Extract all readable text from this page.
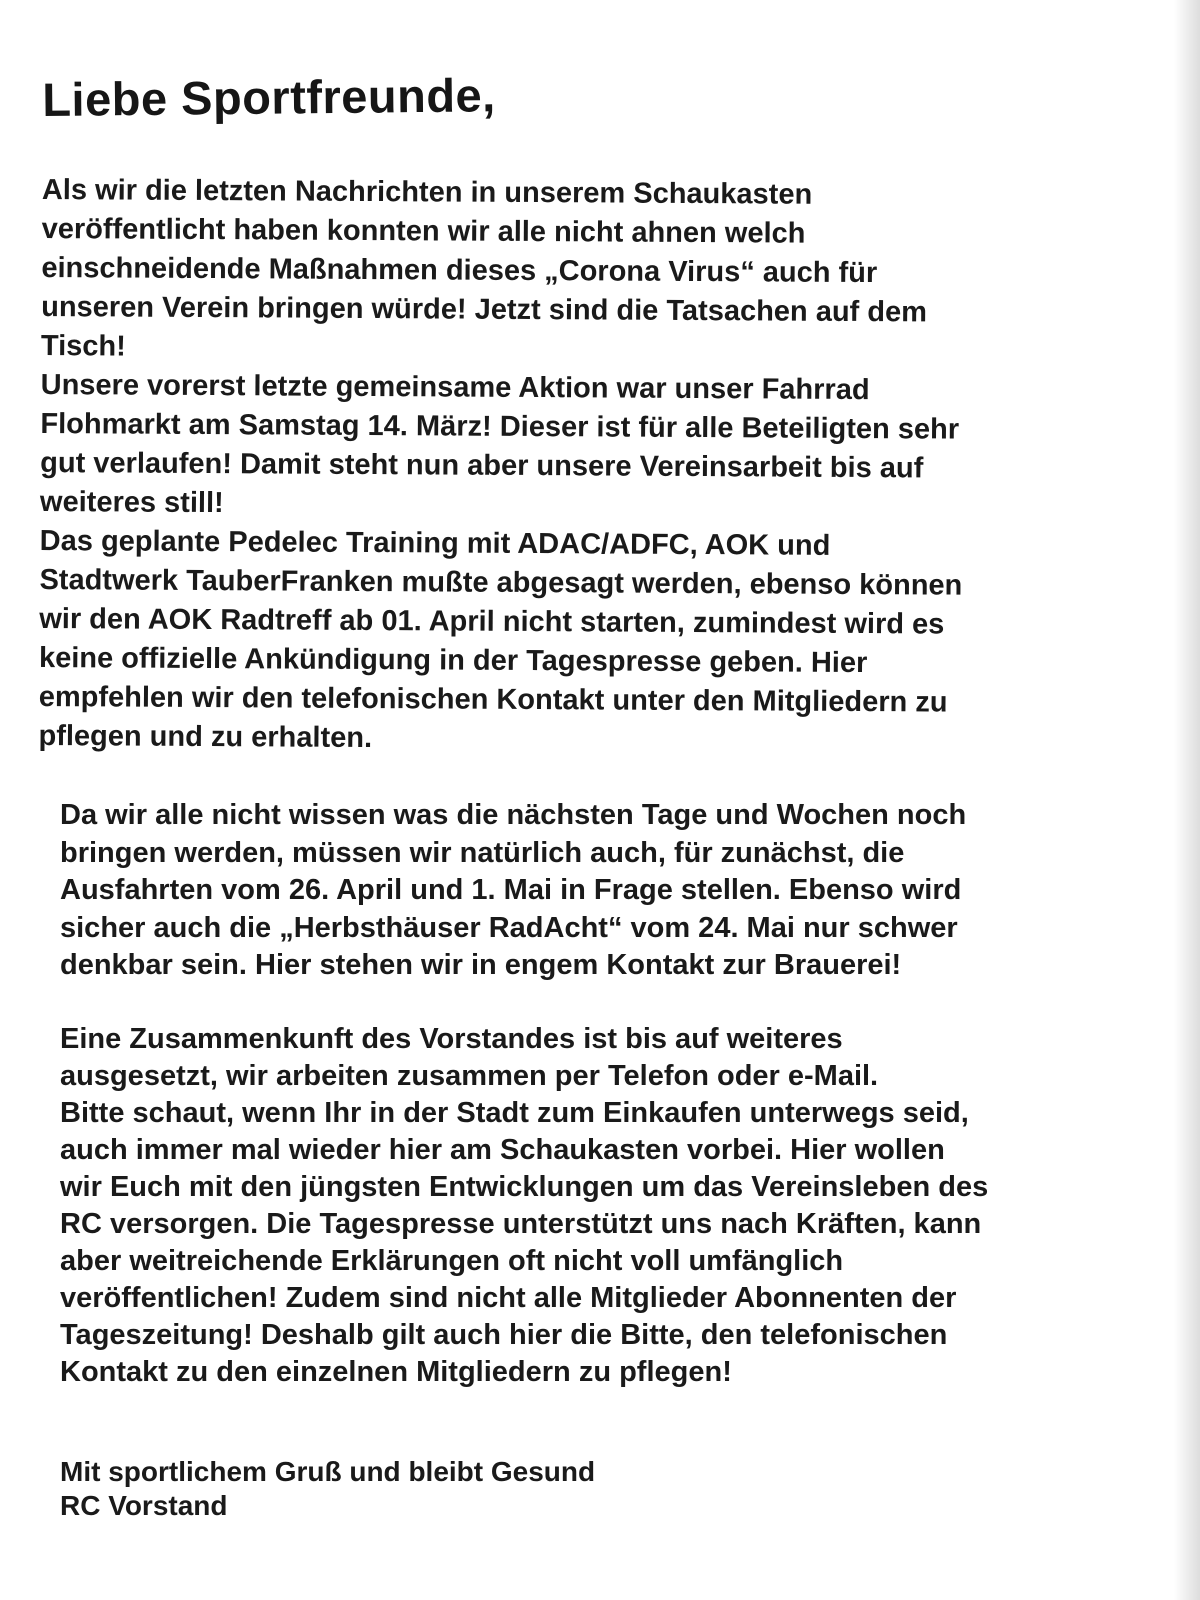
Liebe Sportfreunde,

Als wir die letzten Nachrichten in unserem Schaukasten
veröffentlicht haben konnten wir alle nicht ahnen welch
einschneidende Maßnahmen dieses „Corona Virus“ auch für
unseren Verein bringen würde! Jetzt sind die Tatsachen auf dem
Tisch!
Unsere vorerst letzte gemeinsame Aktion war unser Fahrrad
Flohmarkt am Samstag 14. März! Dieser ist für alle Beteiligten sehr
gut verlaufen! Damit steht nun aber unsere Vereinsarbeit bis auf
weiteres still!
Das geplante Pedelec Training mit ADAC/ADFC, AOK und
Stadtwerk TauberFranken mußte abgesagt werden, ebenso können
wir den AOK Radtreff ab 01. April nicht starten, zumindest wird es
keine offizielle Ankündigung in der Tagespresse geben. Hier
empfehlen wir den telefonischen Kontakt unter den Mitgliedern zu
pflegen und zu erhalten.

Da wir alle nicht wissen was die nächsten Tage und Wochen noch
bringen werden, müssen wir natürlich auch, für zunächst, die
Ausfahrten vom 26. April und 1. Mai in Frage stellen. Ebenso wird
sicher auch die „Herbsthäuser RadAcht“ vom 24. Mai nur schwer
denkbar sein. Hier stehen wir in engem Kontakt zur Brauerei!

Eine Zusammenkunft des Vorstandes ist bis auf weiteres
ausgesetzt, wir arbeiten zusammen per Telefon oder e-Mail.
Bitte schaut, wenn Ihr in der Stadt zum Einkaufen unterwegs seid,
auch immer mal wieder hier am Schaukasten vorbei. Hier wollen
wir Euch mit den jüngsten Entwicklungen um das Vereinsleben des
RC versorgen. Die Tagespresse unterstützt uns nach Kräften, kann
aber weitreichende Erklärungen oft nicht voll umfänglich
veröffentlichen! Zudem sind nicht alle Mitglieder Abonnenten der
Tageszeitung! Deshalb gilt auch hier die Bitte, den telefonischen
Kontakt zu den einzelnen Mitgliedern zu pflegen!

Mit sportlichem Gruß und bleibt Gesund
RC Vorstand
